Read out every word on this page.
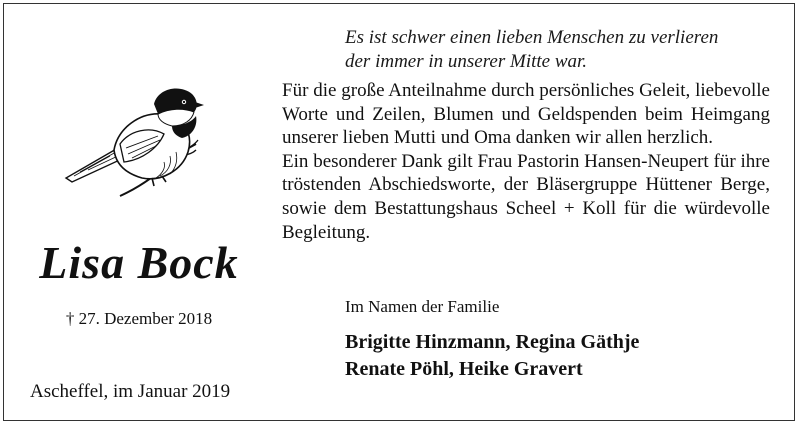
Es ist schwer einen lieben Menschen zu verlieren
der immer in unserer Mitte war.

Für die große Anteilnahme durch persönliches Geleit, liebevolle Worte und Zeilen, Blumen und Geldspenden beim Heimgang unserer lieben Mutti und Oma danken wir allen herzlich.

Ein besonderer Dank gilt Frau Pastorin Hansen-Neupert für ihre tröstenden Abschiedsworte, der Bläsergruppe Hüttener Berge, sowie dem Bestattungshaus Scheel + Koll für die würdevolle Begleitung.

Lisa Bock
† 27. Dezember 2018
Ascheffel, im Januar 2019
Im Namen der Familie
Brigitte Hinzmann, Regina Gäthje
Renate Pöhl, Heike Gravert
